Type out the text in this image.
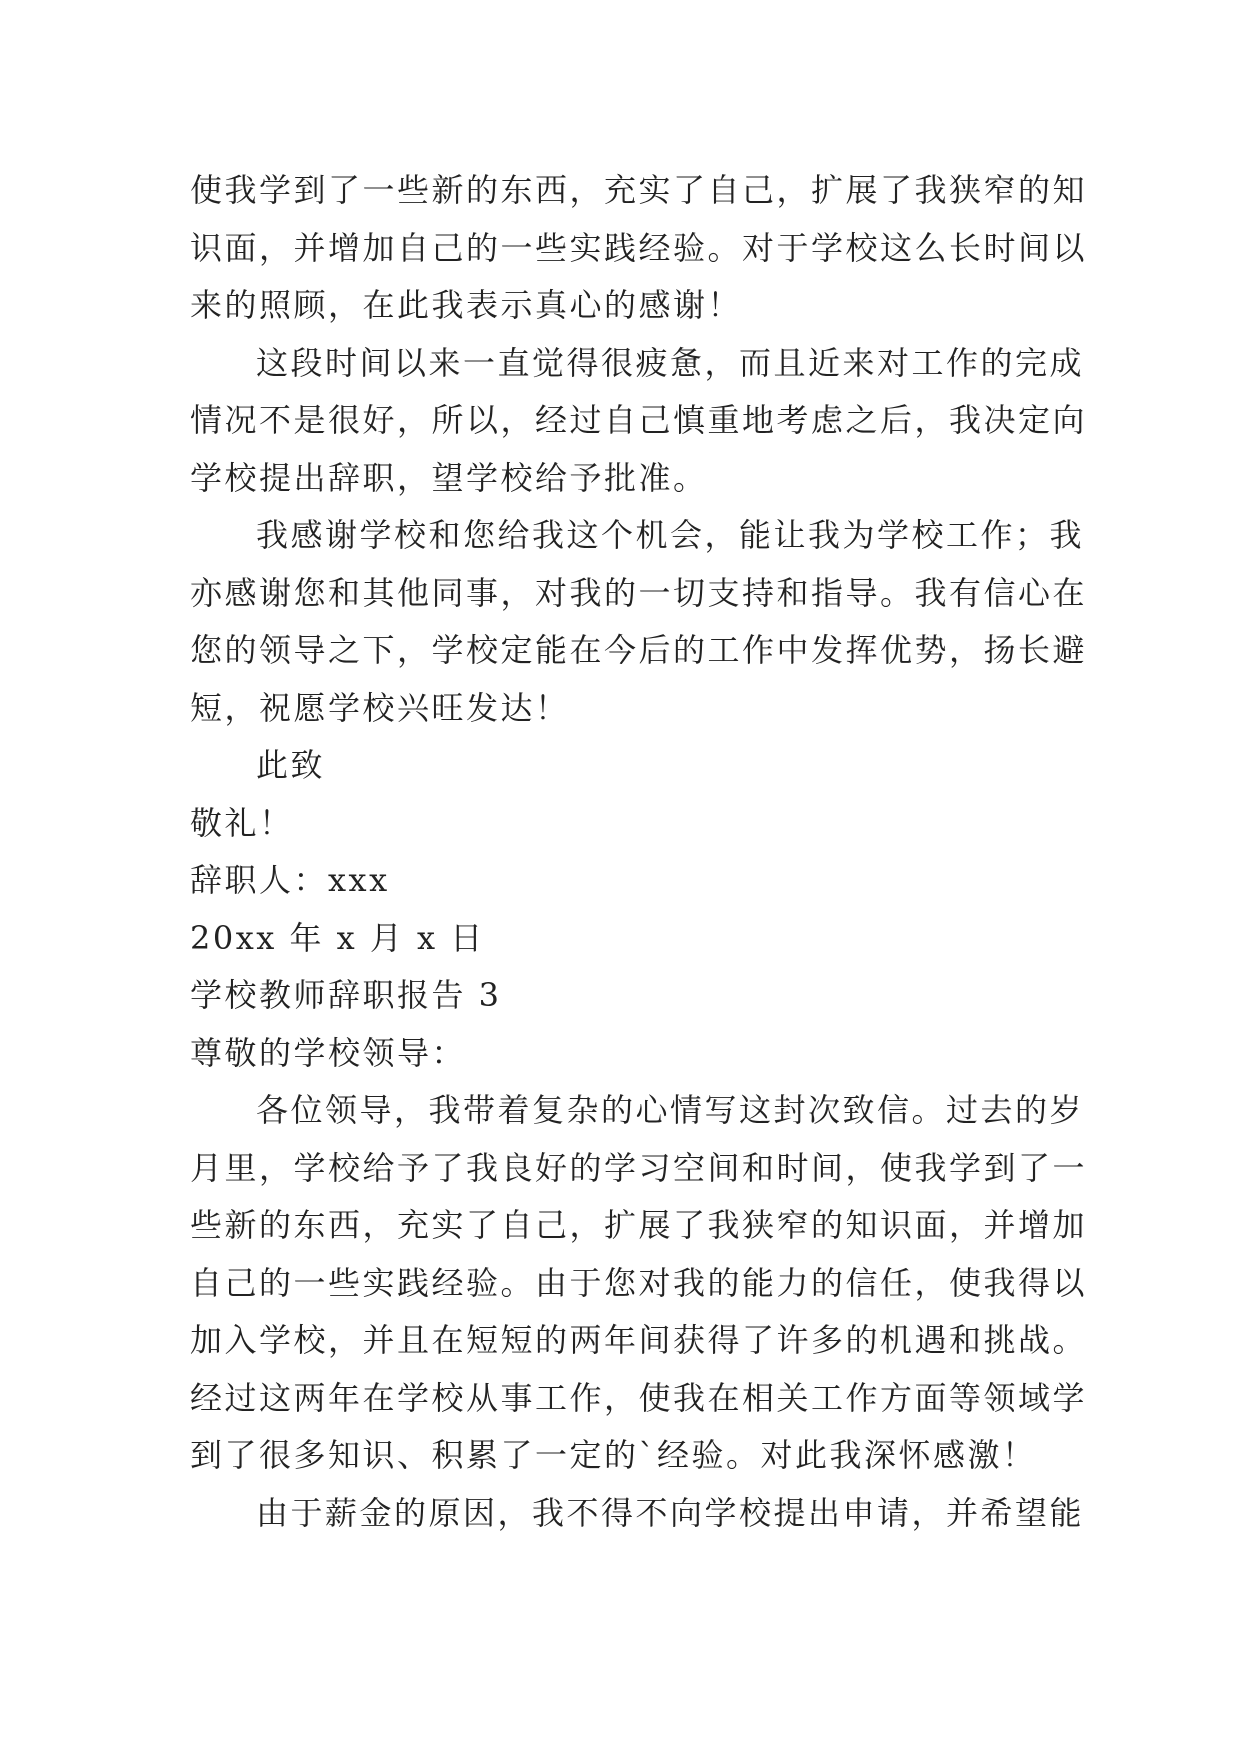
使我学到了一些新的东西，充实了自己，扩展了我狭窄的知
识面，并增加自己的一些实践经验。对于学校这么长时间以
来的照顾，在此我表示真心的感谢！
这段时间以来一直觉得很疲惫，而且近来对工作的完成
情况不是很好，所以，经过自己慎重地考虑之后，我决定向
学校提出辞职，望学校给予批准。
我感谢学校和您给我这个机会，能让我为学校工作；我
亦感谢您和其他同事，对我的一切支持和指导。我有信心在
您的领导之下，学校定能在今后的工作中发挥优势，扬长避
短，祝愿学校兴旺发达！
此致
敬礼！
辞职人：xxx
20xx 年 x 月 x 日
学校教师辞职报告 3
尊敬的学校领导：
各位领导，我带着复杂的心情写这封次致信。过去的岁
月里，学校给予了我良好的学习空间和时间，使我学到了一
些新的东西，充实了自己，扩展了我狭窄的知识面，并增加
自己的一些实践经验。由于您对我的能力的信任，使我得以
加入学校，并且在短短的两年间获得了许多的机遇和挑战。
经过这两年在学校从事工作，使我在相关工作方面等领域学
到了很多知识、积累了一定的`经验。对此我深怀感激！
由于薪金的原因，我不得不向学校提出申请，并希望能
